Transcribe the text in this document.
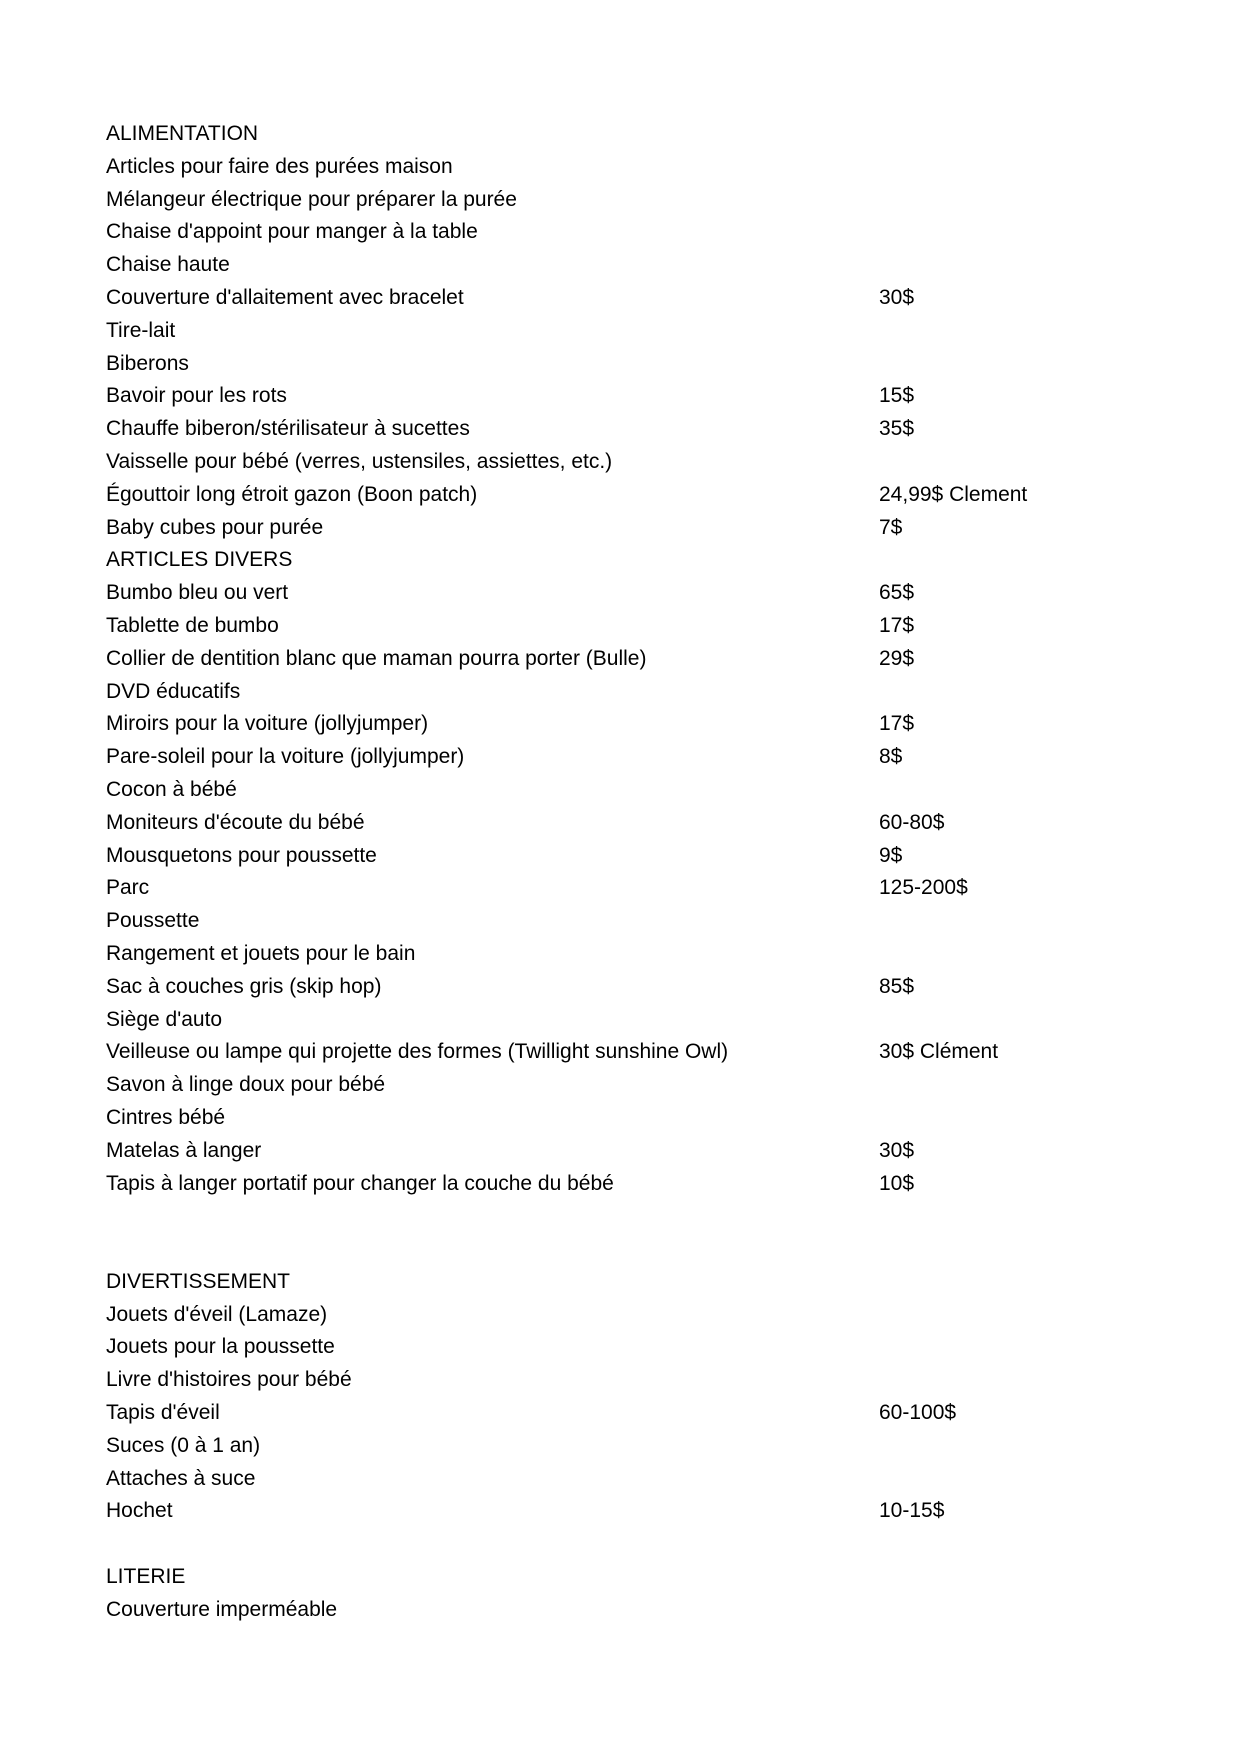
ALIMENTATION
Articles pour faire des purées maison
Mélangeur électrique pour préparer la purée
Chaise d'appoint pour manger à la table
Chaise haute
Couverture d'allaitement avec bracelet	30$
Tire-lait
Biberons
Bavoir pour les rots	15$
Chauffe biberon/stérilisateur à sucettes	35$
Vaisselle pour bébé (verres, ustensiles, assiettes, etc.)
Égouttoir long étroit gazon (Boon patch)	24,99$ Clement
Baby cubes pour purée	7$
ARTICLES DIVERS
Bumbo bleu ou vert	65$
Tablette de bumbo	17$
Collier de dentition blanc que maman pourra porter (Bulle)	29$
DVD éducatifs
Miroirs pour la voiture (jollyjumper)	17$
Pare-soleil pour la voiture (jollyjumper)	8$
Cocon à bébé
Moniteurs d'écoute du bébé	60-80$
Mousquetons pour poussette	9$
Parc	125-200$
Poussette
Rangement et jouets pour le bain
Sac à couches gris (skip hop)	85$
Siège d'auto
Veilleuse ou lampe qui projette des formes (Twillight sunshine Owl)	30$ Clément
Savon à linge doux pour bébé
Cintres bébé
Matelas à langer	30$
Tapis à langer portatif pour changer la couche du bébé	10$
DIVERTISSEMENT
Jouets d'éveil (Lamaze)
Jouets pour la poussette
Livre d'histoires pour bébé
Tapis d'éveil	60-100$
Suces (0 à 1 an)
Attaches à suce
Hochet	10-15$
LITERIE
Couverture imperméable
